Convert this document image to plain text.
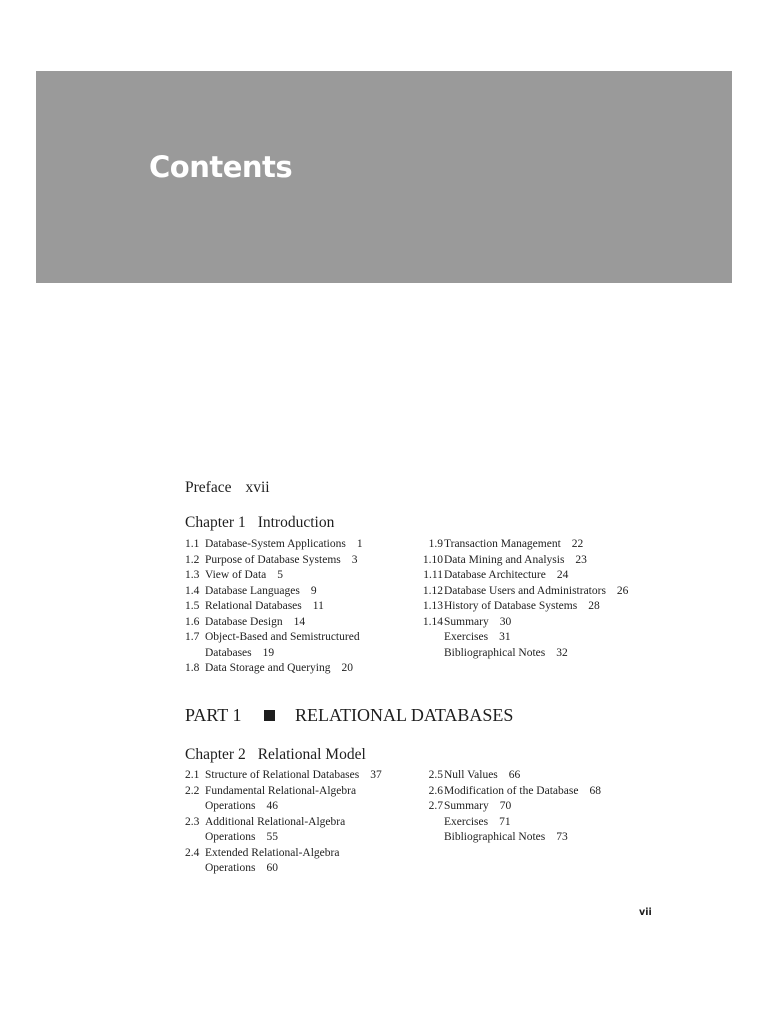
Contents
Preface xvii
Chapter 1 Introduction
1.1 Database-System Applications 1
1.2 Purpose of Database Systems 3
1.3 View of Data 5
1.4 Database Languages 9
1.5 Relational Databases 11
1.6 Database Design 14
1.7 Object-Based and Semistructured
Databases 19
1.8 Data Storage and Querying 20
1.9 Transaction Management 22
1.10 Data Mining and Analysis 23
1.11 Database Architecture 24
1.12 Database Users and Administrators 26
1.13 History of Database Systems 28
1.14 Summary 30
Exercises 31
Bibliographical Notes 32
PART 1	RELATIONAL DATABASES
Chapter 2 Relational Model
2.1 Structure of Relational Databases 37
2.2 Fundamental Relational-Algebra
Operations 46
2.3 Additional Relational-Algebra
Operations 55
2.4 Extended Relational-Algebra
Operations 60
2.5 Null Values 66
2.6 Modification of the Database 68
2.7 Summary 70
Exercises 71
Bibliographical Notes 73
vii
